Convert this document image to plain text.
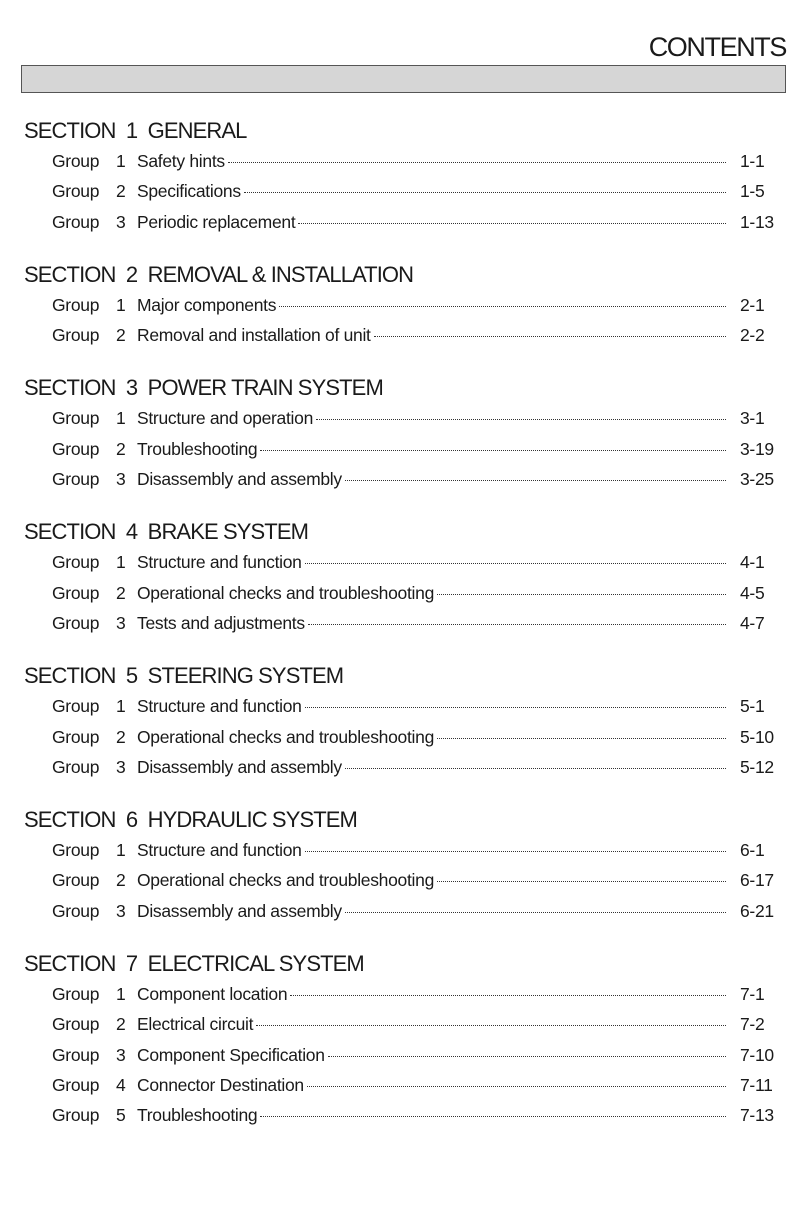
CONTENTS
SECTION  1  GENERAL
Group 1 Safety hints	1-1
Group 2 Specifications	1-5
Group 3 Periodic replacement	1-13
SECTION  2  REMOVAL & INSTALLATION
Group 1 Major components	2-1
Group 2 Removal and installation of unit	2-2
SECTION  3  POWER TRAIN SYSTEM
Group 1 Structure and operation	3-1
Group 2 Troubleshooting	3-19
Group 3 Disassembly and assembly	3-25
SECTION  4  BRAKE SYSTEM
Group 1 Structure and function	4-1
Group 2 Operational checks and troubleshooting	4-5
Group 3 Tests and adjustments	4-7
SECTION  5  STEERING SYSTEM
Group 1 Structure and function	5-1
Group 2 Operational checks and troubleshooting	5-10
Group 3 Disassembly and assembly	5-12
SECTION  6  HYDRAULIC SYSTEM
Group 1 Structure and function	6-1
Group 2 Operational checks and troubleshooting	6-17
Group 3 Disassembly and assembly	6-21
SECTION  7  ELECTRICAL SYSTEM
Group 1 Component location	7-1
Group 2 Electrical circuit	7-2
Group 3 Component Specification	7-10
Group 4 Connector Destination	7-11
Group 5 Troubleshooting	7-13
